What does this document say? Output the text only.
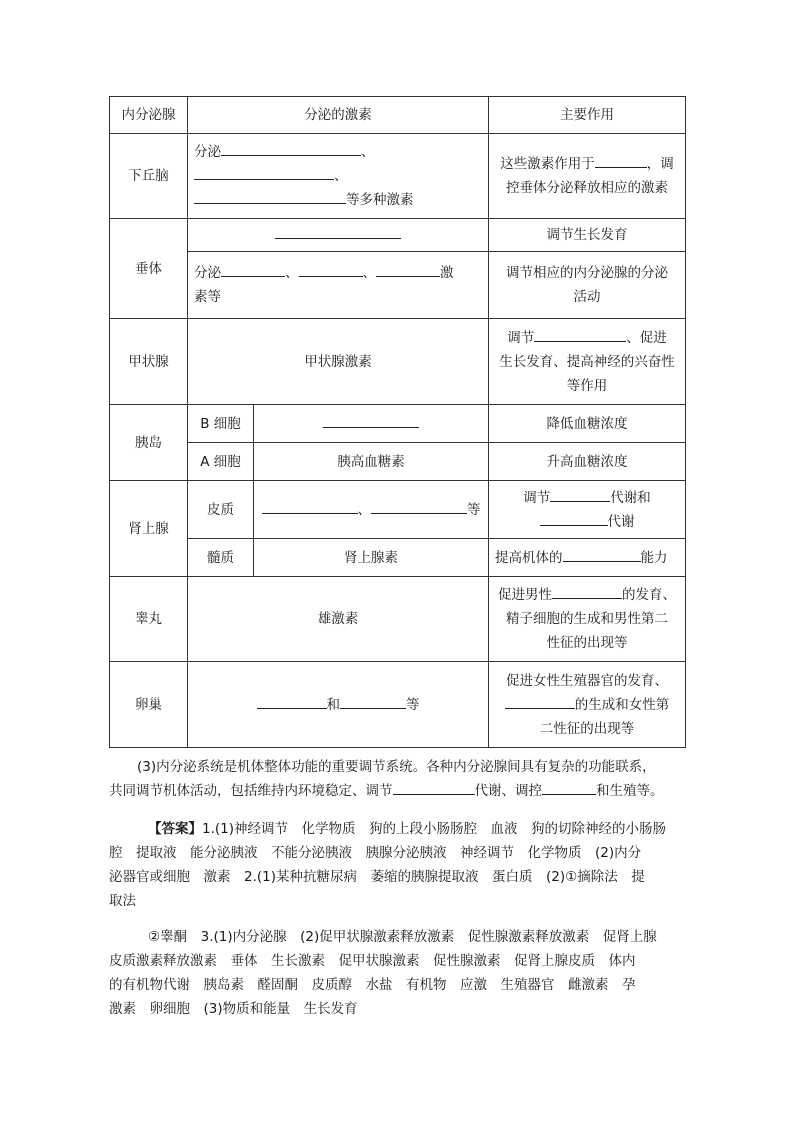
内分泌腺	分泌的激素		主要作用
下丘脑	分泌 、
、
等多种激素		这些激素作用于 ，调
控垂体分泌释放相应的激素
垂体			调节生长发育
	分泌 、 、 激
素等		调节相应的内分泌腺的分泌
活动
甲状腺	甲状腺激素		调节 、促进
生长发育、提高神经的兴奋性
等作用
胰岛	B 细胞		降低血糖浓度
	A 细胞	胰高血糖素	升高血糖浓度
肾上腺	皮质	、 等	调节 代谢和
代谢
	髓质	肾上腺素	提高机体的 能力
睾丸	雄激素		促进男性 的发育、
精子细胞的生成和男性第二
性征的出现等
卵巢	和 等		促进女性生殖器官的发育、
的生成和女性第
二性征的出现等
(3)内分泌系统是机体整体功能的重要调节系统。各种内分泌腺间具有复杂的功能联系，
共同调节机体活动，包括维持内环境稳定、调节	代谢、调控	和生殖等。
【答案】1.(1)神经调节　化学物质　狗的上段小肠肠腔　血液　狗的切除神经的小肠肠
腔　提取液　能分泌胰液　不能分泌胰液　胰腺分泌胰液　神经调节　化学物质　(2)内分
泌器官或细胞　激素　2.(1)某种抗糖尿病　萎缩的胰腺提取液　蛋白质　(2)①摘除法　提
取法
②睾酮　3.(1)内分泌腺　(2)促甲状腺激素释放激素　促性腺激素释放激素　促肾上腺
皮质激素释放激素　垂体　生长激素　促甲状腺激素　促性腺激素　促肾上腺皮质　体内
的有机物代谢　胰岛素　醛固酮　皮质醇　水盐　有机物　应激　生殖器官　雌激素　孕
激素　卵细胞　(3)物质和能量　生长发育
